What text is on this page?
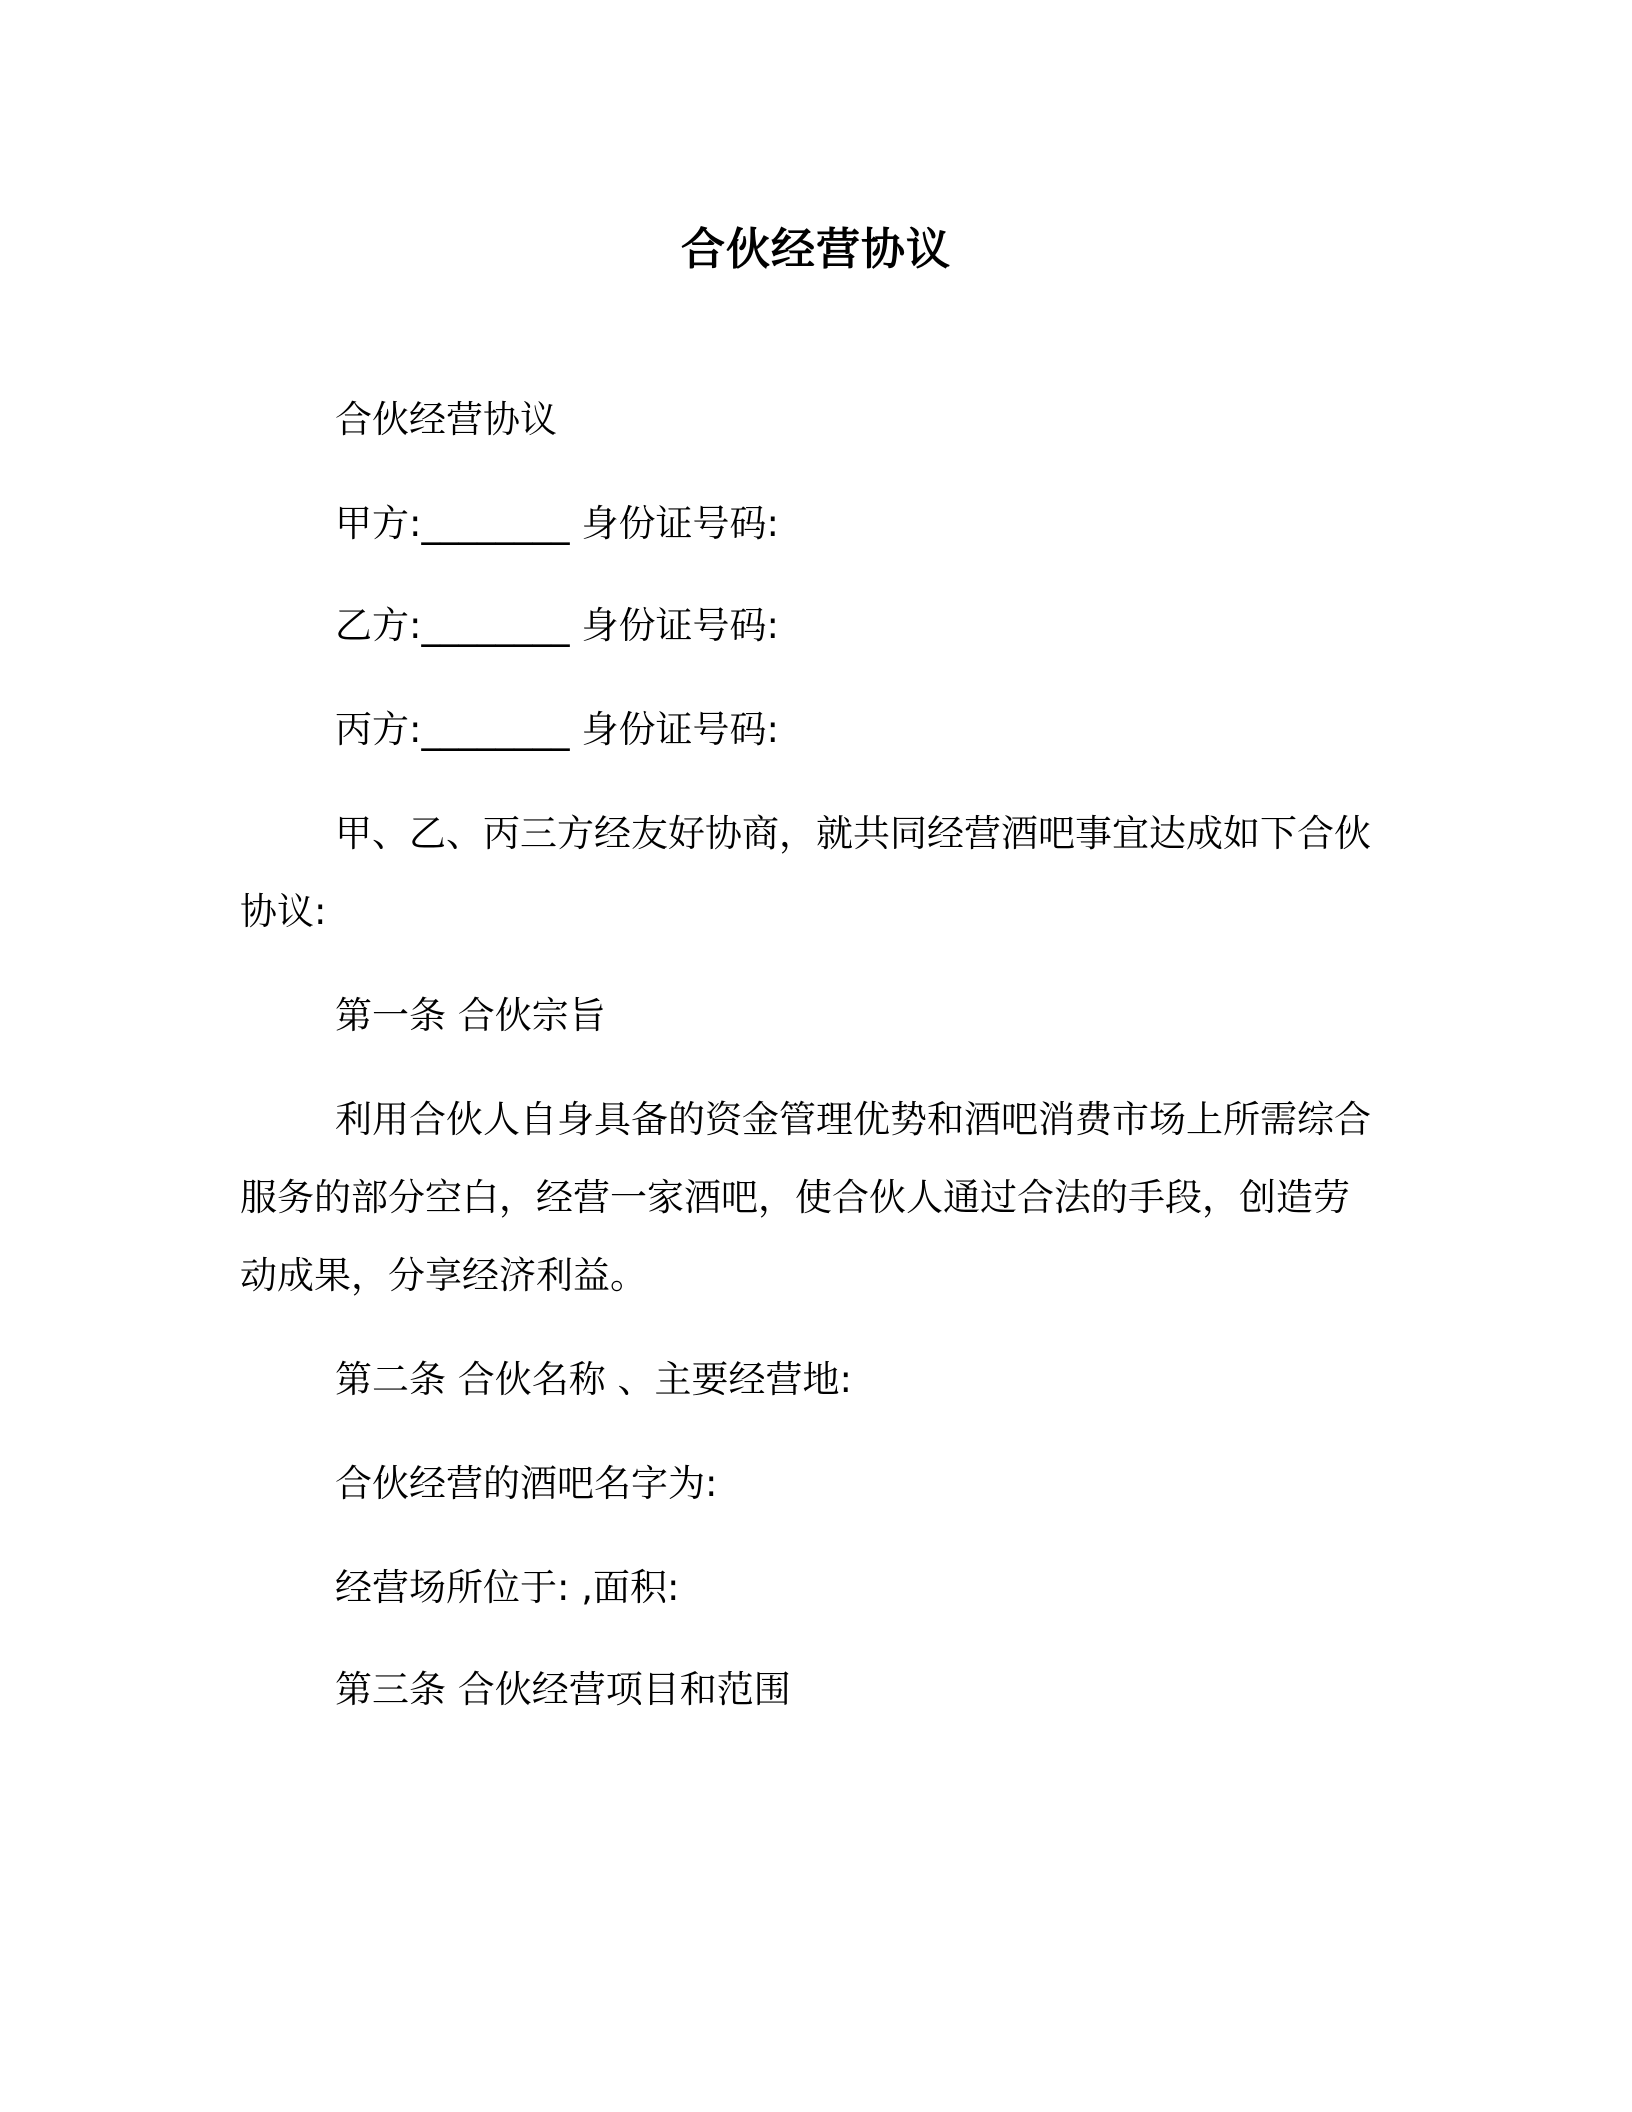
合伙经营协议
合伙经营协议
甲方:________ 身份证号码:
乙方:________ 身份证号码:
丙方:________ 身份证号码:
甲、乙、丙三方经友好协商，就共同经营酒吧事宜达成如下合伙
协议:
第一条 合伙宗旨
利用合伙人自身具备的资金管理优势和酒吧消费市场上所需综合
服务的部分空白，经营一家酒吧，使合伙人通过合法的手段，创造劳
动成果，分享经济利益。
第二条 合伙名称 、主要经营地:
合伙经营的酒吧名字为:
经营场所位于: ,面积:
第三条 合伙经营项目和范围
